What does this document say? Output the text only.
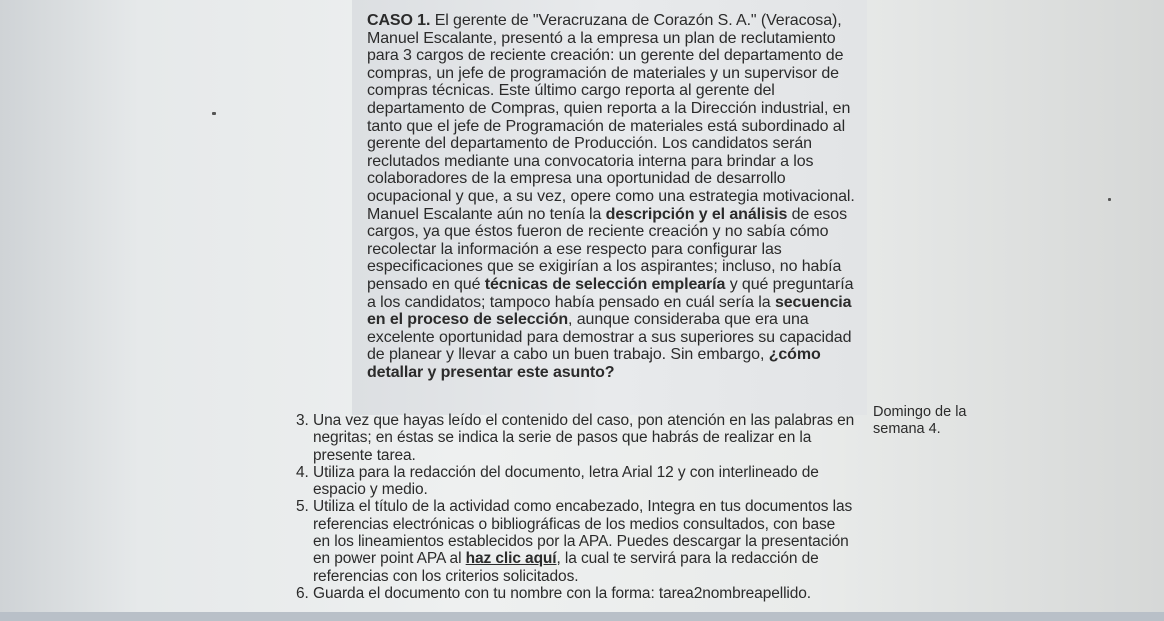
CASO 1. El gerente de "Veracruzana de Corazón S. A." (Veracosa), Manuel Escalante, presentó a la empresa un plan de reclutamiento para 3 cargos de reciente creación: un gerente del departamento de compras, un jefe de programación de materiales y un supervisor de compras técnicas. Este último cargo reporta al gerente del departamento de Compras, quien reporta a la Dirección industrial, en tanto que el jefe de Programación de materiales está subordinado al gerente del departamento de Producción. Los candidatos serán reclutados mediante una convocatoria interna para brindar a los colaboradores de la empresa una oportunidad de desarrollo ocupacional y que, a su vez, opere como una estrategia motivacional.

Manuel Escalante aún no tenía la descripción y el análisis de esos cargos, ya que éstos fueron de reciente creación y no sabía cómo recolectar la información a ese respecto para configurar las especificaciones que se exigirían a los aspirantes; incluso, no había pensado en qué técnicas de selección emplearía y qué preguntaría a los candidatos; tampoco había pensado en cuál sería la secuencia en el proceso de selección, aunque consideraba que era una excelente oportunidad para demostrar a sus superiores su capacidad de planear y llevar a cabo un buen trabajo. Sin embargo, ¿cómo detallar y presentar este asunto?

Domingo de la semana 4.

3. Una vez que hayas leído el contenido del caso, pon atención en las palabras en negritas; en éstas se indica la serie de pasos que habrás de realizar en la presente tarea.

4. Utiliza para la redacción del documento, letra Arial 12 y con interlineado de espacio y medio.

5. Utiliza el título de la actividad como encabezado, Integra en tus documentos las referencias electrónicas o bibliográficas de los medios consultados, con base en los lineamientos establecidos por la APA. Puedes descargar la presentación en power point APA al haz clic aquí, la cual te servirá para la redacción de referencias con los criterios solicitados.

6. Guarda el documento con tu nombre con la forma: tarea2nombreapellido.
